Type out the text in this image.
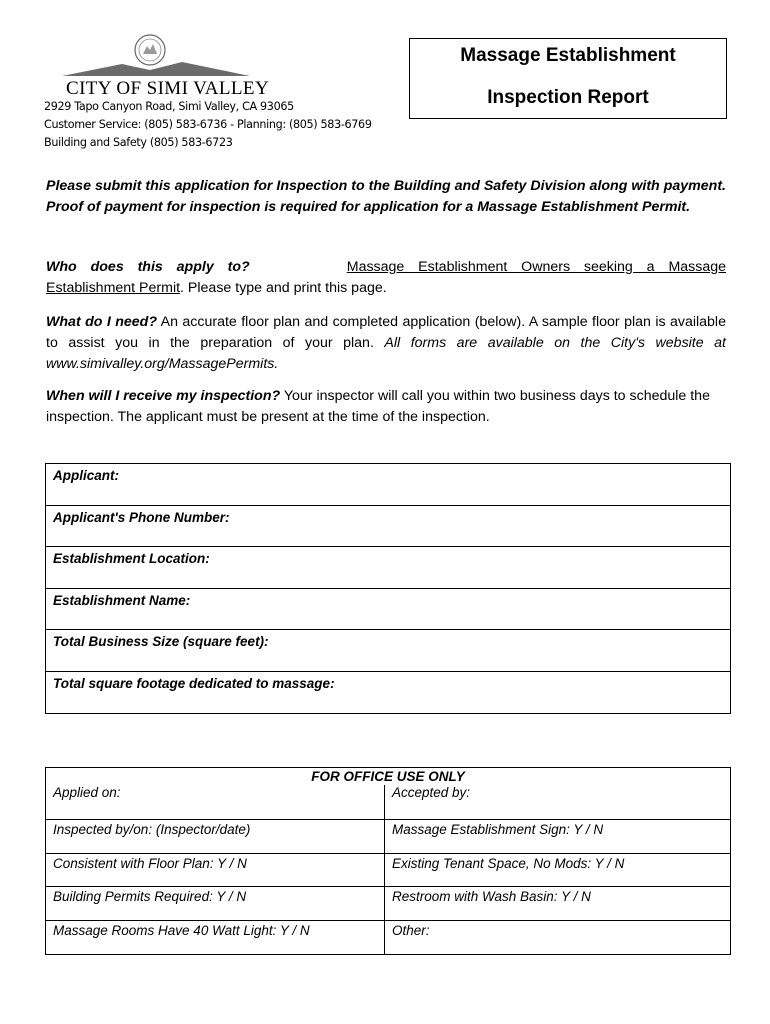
CITY OF SIMI VALLEY
2929 Tapo Canyon Road, Simi Valley, CA 93065
Customer Service: (805) 583-6736 - Planning: (805) 583-6769
Building and Safety (805) 583-6723
Massage Establishment
Inspection Report
Please submit this application for Inspection to the Building and Safety Division along with payment. Proof of payment for inspection is required for application for a Massage Establishment Permit.
Who does this apply to?	Massage Establishment Owners seeking a Massage
Establishment Permit. Please type and print this page.
What do I need? An accurate floor plan and completed application (below). A sample floor plan is available to assist you in the preparation of your plan. All forms are available on the City's website at www.simivalley.org/MassagePermits.
When will I receive my inspection? Your inspector will call you within two business days to schedule the inspection. The applicant must be present at the time of the inspection.
Applicant:
Applicant's Phone Number:
Establishment Location:
Establishment Name:
Total Business Size (square feet):
Total square footage dedicated to massage:
FOR OFFICE USE ONLY
Applied on:	Accepted by:
Inspected by/on: (Inspector/date)	Massage Establishment Sign: Y / N
Consistent with Floor Plan: Y / N	Existing Tenant Space, No Mods: Y / N
Building Permits Required: Y / N	Restroom with Wash Basin: Y / N
Massage Rooms Have 40 Watt Light: Y / N	Other:
